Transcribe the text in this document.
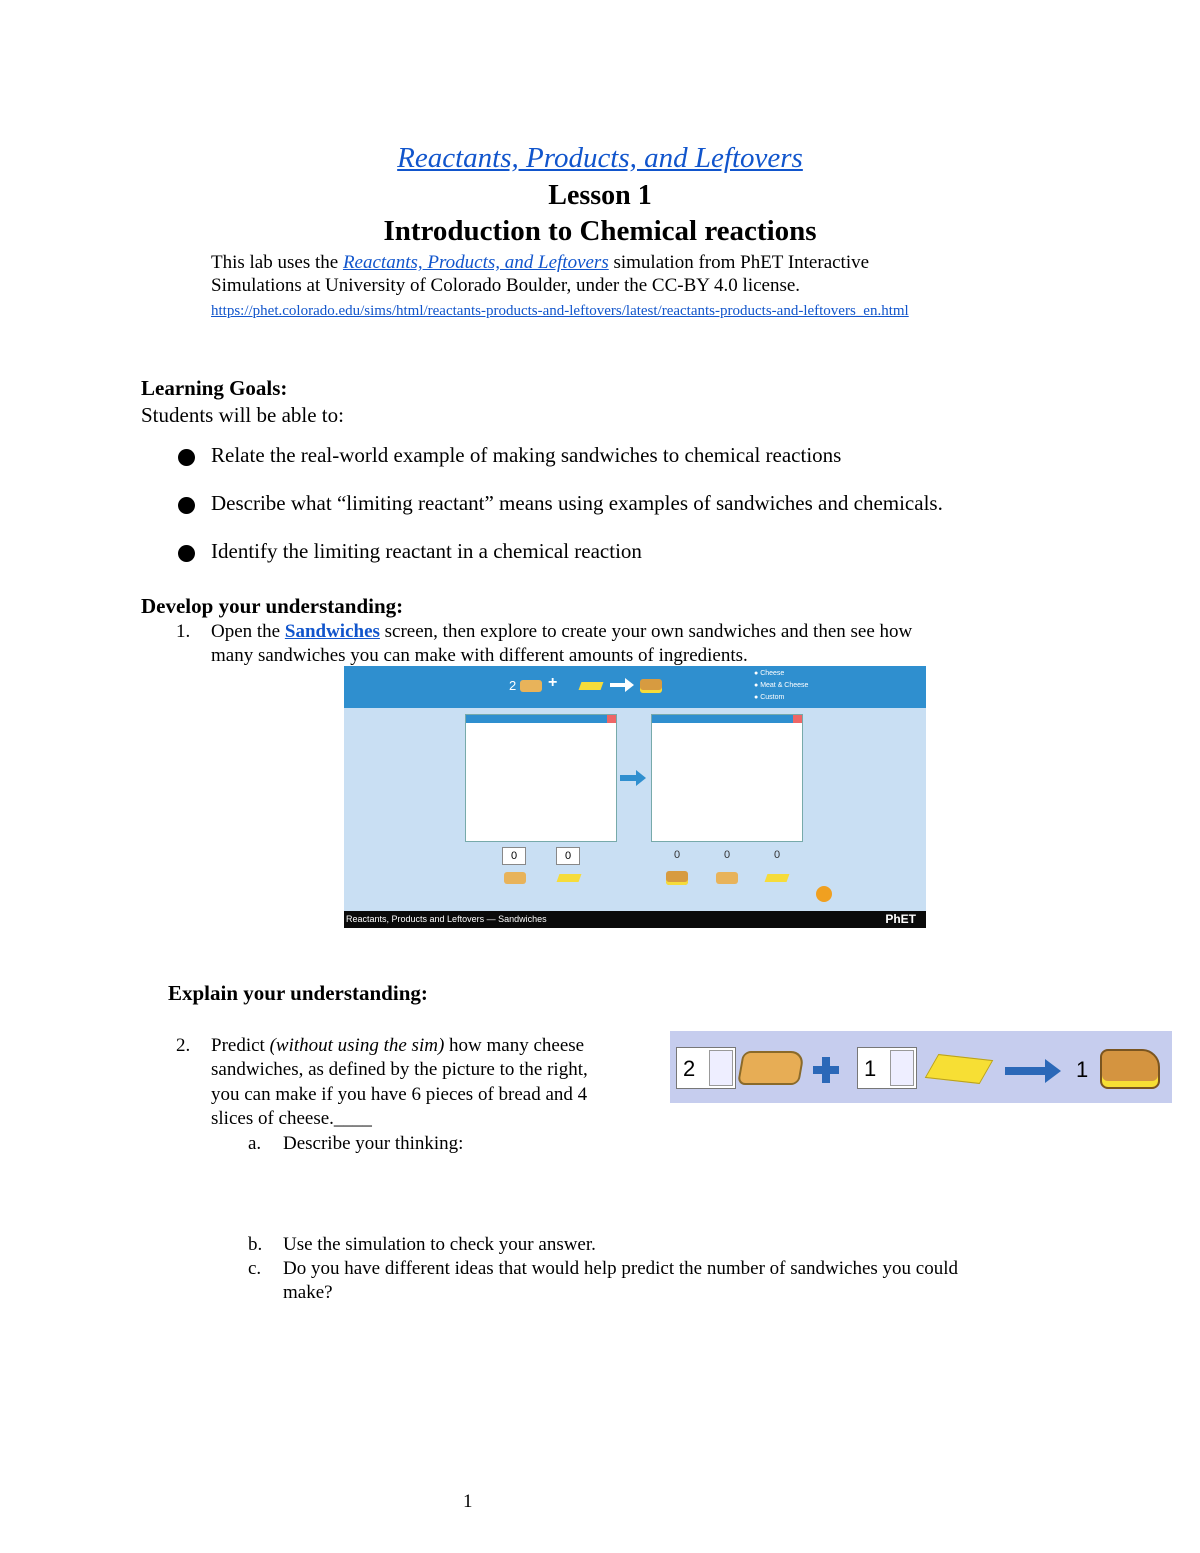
Reactants, Products, and Leftovers
Lesson 1
Introduction to Chemical reactions
This lab uses the Reactants, Products, and Leftovers simulation from PhET Interactive
Simulations at University of Colorado Boulder, under the CC-BY 4.0 license.
https://phet.colorado.edu/sims/html/reactants-products-and-leftovers/latest/reactants-products-and-leftovers_en.html
Learning Goals:
Students will be able to:
Relate the real-world example of making sandwiches to chemical reactions
Describe what “limiting reactant” means using examples of sandwiches and chemicals.
Identify the limiting reactant in a chemical reaction
Develop your understanding:
1. Open the Sandwiches screen, then explore to create your own sandwiches and then see how
many sandwiches you can make with different amounts of ingredients.
2 +
● Cheese
● Meat & Cheese
● Custom
0	0	0	0	0
Reactants, Products and Leftovers — Sandwiches	PhET
Explain your understanding:
2. Predict (without using the sim) how many cheese
sandwiches, as defined by the picture to the right,
you can make if you have 6 pieces of bread and 4
slices of cheese.____
2	1	1
a. Describe your thinking:
b. Use the simulation to check your answer.
c. Do you have different ideas that would help predict the number of sandwiches you could
make?
1
